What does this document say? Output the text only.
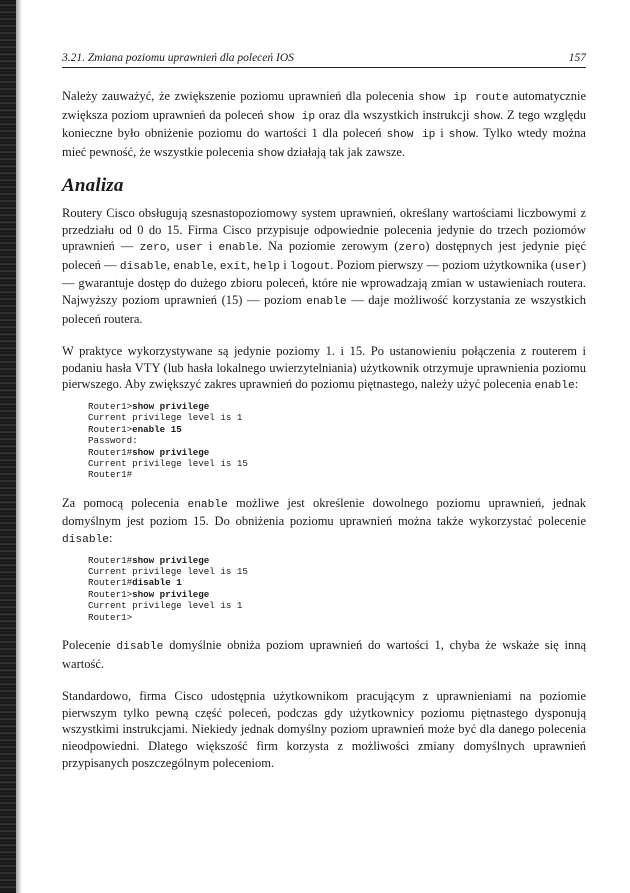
3.21. Zmiana poziomu uprawnień dla poleceń IOS	157

Należy zauważyć, że zwiększenie poziomu uprawnień dla polecenia show ip route automatycznie zwiększa poziom uprawnień da poleceń show ip oraz dla wszystkich instrukcji show. Z tego względu konieczne było obniżenie poziomu do wartości 1 dla poleceń show ip i show. Tylko wtedy można mieć pewność, że wszystkie polecenia show działają tak jak zawsze.

Analiza

Routery Cisco obsługują szesnastopoziomowy system uprawnień, określany wartościami liczbowymi z przedziału od 0 do 15. Firma Cisco przypisuje odpowiednie polecenia jedynie do trzech poziomów uprawnień — zero, user i enable. Na poziomie zerowym (zero) dostępnych jest jedynie pięć poleceń — disable, enable, exit, help i logout. Poziom pierwszy — poziom użytkownika (user) — gwarantuje dostęp do dużego zbioru poleceń, które nie wprowadzają zmian w ustawieniach routera. Najwyższy poziom uprawnień (15) — poziom enable — daje możliwość korzystania ze wszystkich poleceń routera.

W praktyce wykorzystywane są jedynie poziomy 1. i 15. Po ustanowieniu połączenia z routerem i podaniu hasła VTY (lub hasła lokalnego uwierzytelniania) użytkownik otrzymuje uprawnienia poziomu pierwszego. Aby zwiększyć zakres uprawnień do poziomu piętnastego, należy użyć polecenia enable:

Router1>show privilege
Current privilege level is 1
Router1>enable 15
Password:
Router1#show privilege
Current privilege level is 15
Router1#

Za pomocą polecenia enable możliwe jest określenie dowolnego poziomu uprawnień, jednak domyślnym jest poziom 15. Do obniżenia poziomu uprawnień można także wykorzystać polecenie disable:

Router1#show privilege
Current privilege level is 15
Router1#disable 1
Router1>show privilege
Current privilege level is 1
Router1>

Polecenie disable domyślnie obniża poziom uprawnień do wartości 1, chyba że wskaże się inną wartość.

Standardowo, firma Cisco udostępnia użytkownikom pracującym z uprawnieniami na poziomie pierwszym tylko pewną część poleceń, podczas gdy użytkownicy poziomu piętnastego dysponują wszystkimi instrukcjami. Niekiedy jednak domyślny poziom uprawnień może być dla danego polecenia nieodpowiedni. Dlatego większość firm korzysta z możliwości zmiany domyślnych uprawnień przypisanych poszczególnym poleceniom.
